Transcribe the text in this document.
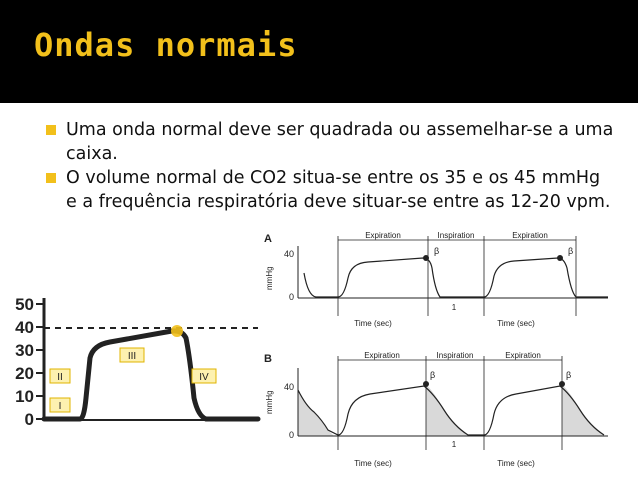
Ondas normais
Uma onda normal deve ser quadrada ou assemelhar-se a uma caixa.
O volume normal de CO2 situa-se entre os 35 e os 45 mmHg e a frequência respiratória deve situar-se entre as 12-20 vpm.
50
40
30
20
10
0
II
I
III
IV
A
mmHg
40
0
Expiration	Inspiration	Expiration
β	β
1
Time (sec)	Time (sec)
B
mmHg
40
0
Expiration	Inspiration	Expiration
β	β
1
Time (sec)	Time (sec)
